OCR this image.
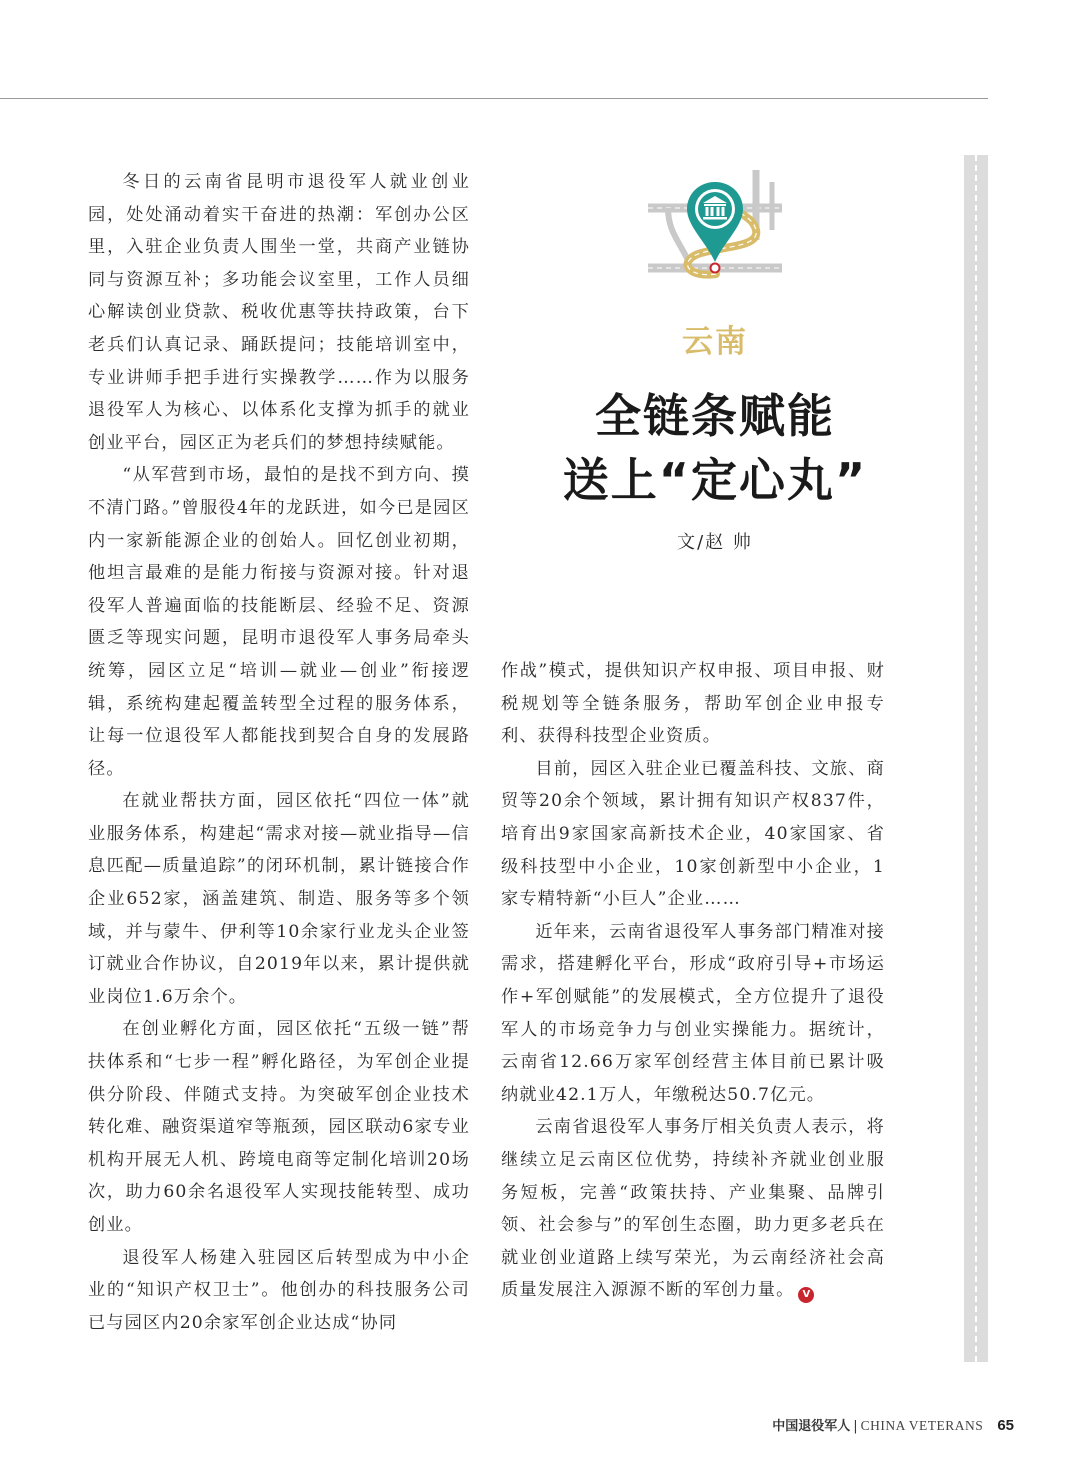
冬日的云南省昆明市退役军人就业创业园，处处涌动着实干奋进的热潮：军创办公区里，入驻企业负责人围坐一堂，共商产业链协同与资源互补；多功能会议室里，工作人员细心解读创业贷款、税收优惠等扶持政策，台下老兵们认真记录、踊跃提问；技能培训室中，专业讲师手把手进行实操教学……作为以服务退役军人为核心、以体系化支撑为抓手的就业创业平台，园区正为老兵们的梦想持续赋能。

“从军营到市场，最怕的是找不到方向、摸不清门路。”曾服役4年的龙跃进，如今已是园区内一家新能源企业的创始人。回忆创业初期，他坦言最难的是能力衔接与资源对接。针对退役军人普遍面临的技能断层、经验不足、资源匮乏等现实问题，昆明市退役军人事务局牵头统筹，园区立足“培训—就业—创业”衔接逻辑，系统构建起覆盖转型全过程的服务体系，让每一位退役军人都能找到契合自身的发展路径。

在就业帮扶方面，园区依托“四位一体”就业服务体系，构建起“需求对接—就业指导—信息匹配—质量追踪”的闭环机制，累计链接合作企业652家，涵盖建筑、制造、服务等多个领域，并与蒙牛、伊利等10余家行业龙头企业签订就业合作协议，自2019年以来，累计提供就业岗位1.6万余个。

在创业孵化方面，园区依托“五级一链”帮扶体系和“七步一程”孵化路径，为军创企业提供分阶段、伴随式支持。为突破军创企业技术转化难、融资渠道窄等瓶颈，园区联动6家专业机构开展无人机、跨境电商等定制化培训20场次，助力60余名退役军人实现技能转型、成功创业。

退役军人杨建入驻园区后转型成为中小企业的“知识产权卫士”。他创办的科技服务公司已与园区内20余家军创企业达成“协同

云南
全链条赋能
送上“定心丸”
文/赵 帅

作战”模式，提供知识产权申报、项目申报、财税规划等全链条服务，帮助军创企业申报专利、获得科技型企业资质。

目前，园区入驻企业已覆盖科技、文旅、商贸等20余个领域，累计拥有知识产权837件，培育出9家国家高新技术企业，40家国家、省级科技型中小企业，10家创新型中小企业，1家专精特新“小巨人”企业……

近年来，云南省退役军人事务部门精准对接需求，搭建孵化平台，形成“政府引导+市场运作+军创赋能”的发展模式，全方位提升了退役军人的市场竞争力与创业实操能力。据统计，云南省12.66万家军创经营主体目前已累计吸纳就业42.1万人，年缴税达50.7亿元。

云南省退役军人事务厅相关负责人表示，将继续立足云南区位优势，持续补齐就业创业服务短板，完善“政策扶持、产业集聚、品牌引领、社会参与”的军创生态圈，助力更多老兵在就业创业道路上续写荣光，为云南经济社会高质量发展注入源源不断的军创力量。 V

中国退役军人 | CHINA VETERANS 65
